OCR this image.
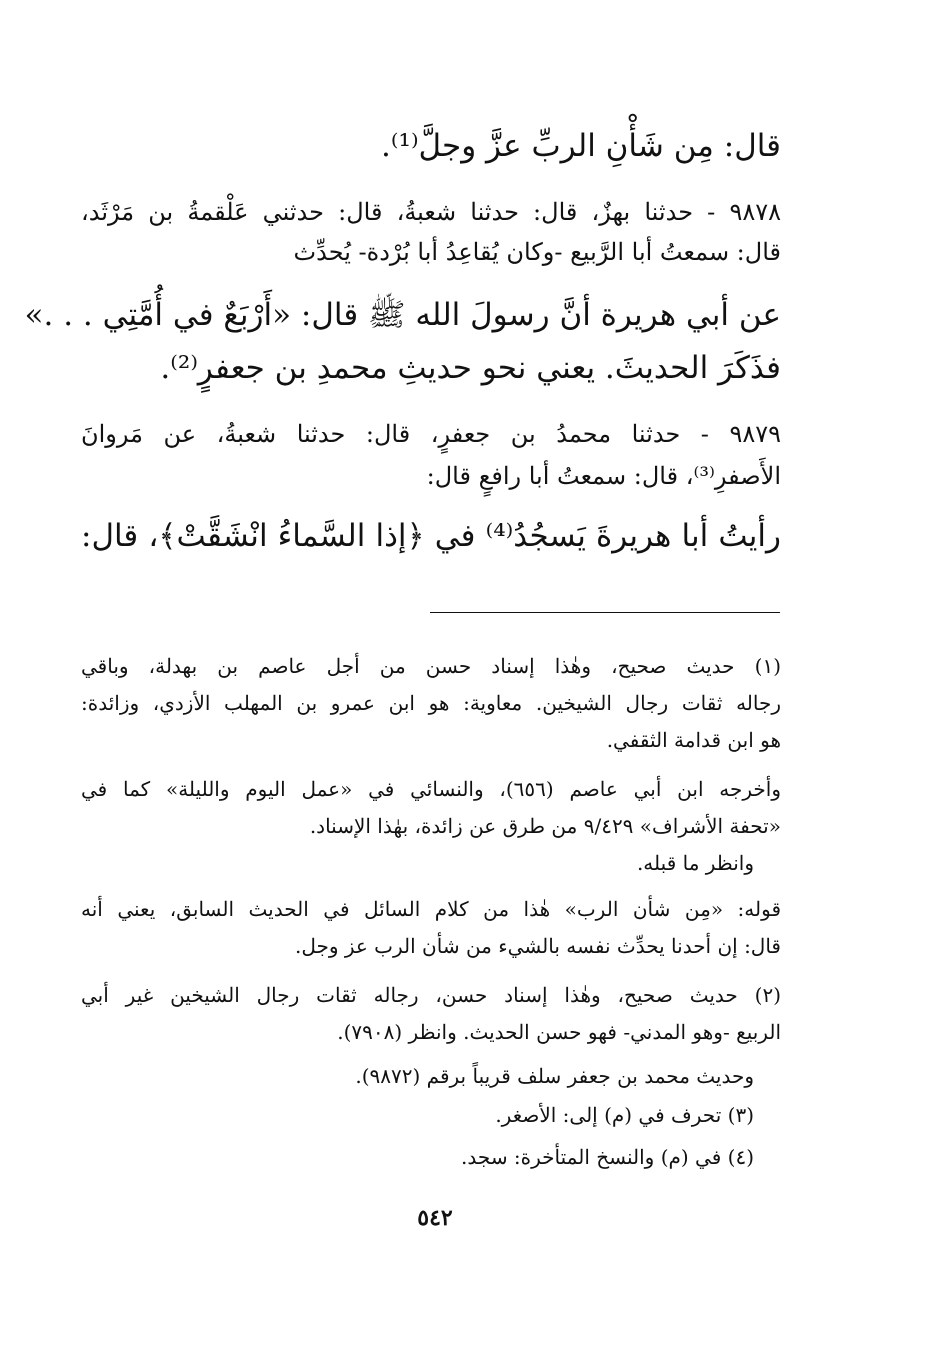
قال: مِن شَأْنِ الربِّ عزَّ وجلَّ⁽¹⁾.
٩٨٧٨ - حدثنا بهزٌ، قال: حدثنا شعبةُ، قال: حدثني عَلْقمةُ بن مَرْثَد،
قال: سمعتُ أبا الرَّبيع -وكان يُقاعِدُ أبا بُرْدة- يُحدِّث
عن أبي هريرة أنَّ رسولَ الله ﷺ قال: «أَرْبَعٌ في أُمَّتِي . . .»
فذَكَرَ الحديثَ. يعني نحو حديثِ محمدِ بن جعفرٍ⁽²⁾.
٩٨٧٩ - حدثنا محمدُ بن جعفرٍ، قال: حدثنا شعبةُ، عن مَروانَ
الأَصفرِ⁽³⁾، قال: سمعتُ أبا رافعٍ قال:
رأيتُ أبا هريرةَ يَسجُدُ⁽⁴⁾ في ﴿إذا السَّماءُ انْشَقَّتْ﴾، قال:
(١) حديث صحيح، وهٰذا إسناد حسن من أجل عاصم بن بهدلة، وباقي
رجاله ثقات رجال الشيخين. معاوية: هو ابن عمرو بن المهلب الأزدي، وزائدة:
هو ابن قدامة الثقفي.
وأخرجه ابن أبي عاصم (٦٥٦)، والنسائي في «عمل اليوم والليلة» كما في
«تحفة الأشراف» ٩/٤٢٩ من طرق عن زائدة، بهٰذا الإسناد.
وانظر ما قبله.
قوله: «مِن شأن الرب» هٰذا من كلام السائل في الحديث السابق، يعني أنه
قال: إن أحدنا يحدِّث نفسه بالشيء من شأن الرب عز وجل.
(٢) حديث صحيح، وهٰذا إسناد حسن، رجاله ثقات رجال الشيخين غير أبي
الربيع -وهو المدني- فهو حسن الحديث. وانظر (٧٩٠٨).
وحديث محمد بن جعفر سلف قريباً برقم (٩٨٧٢).
(٣) تحرف في (م) إلى: الأصغر.
(٤) في (م) والنسخ المتأخرة: سجد.
٥٤٢
